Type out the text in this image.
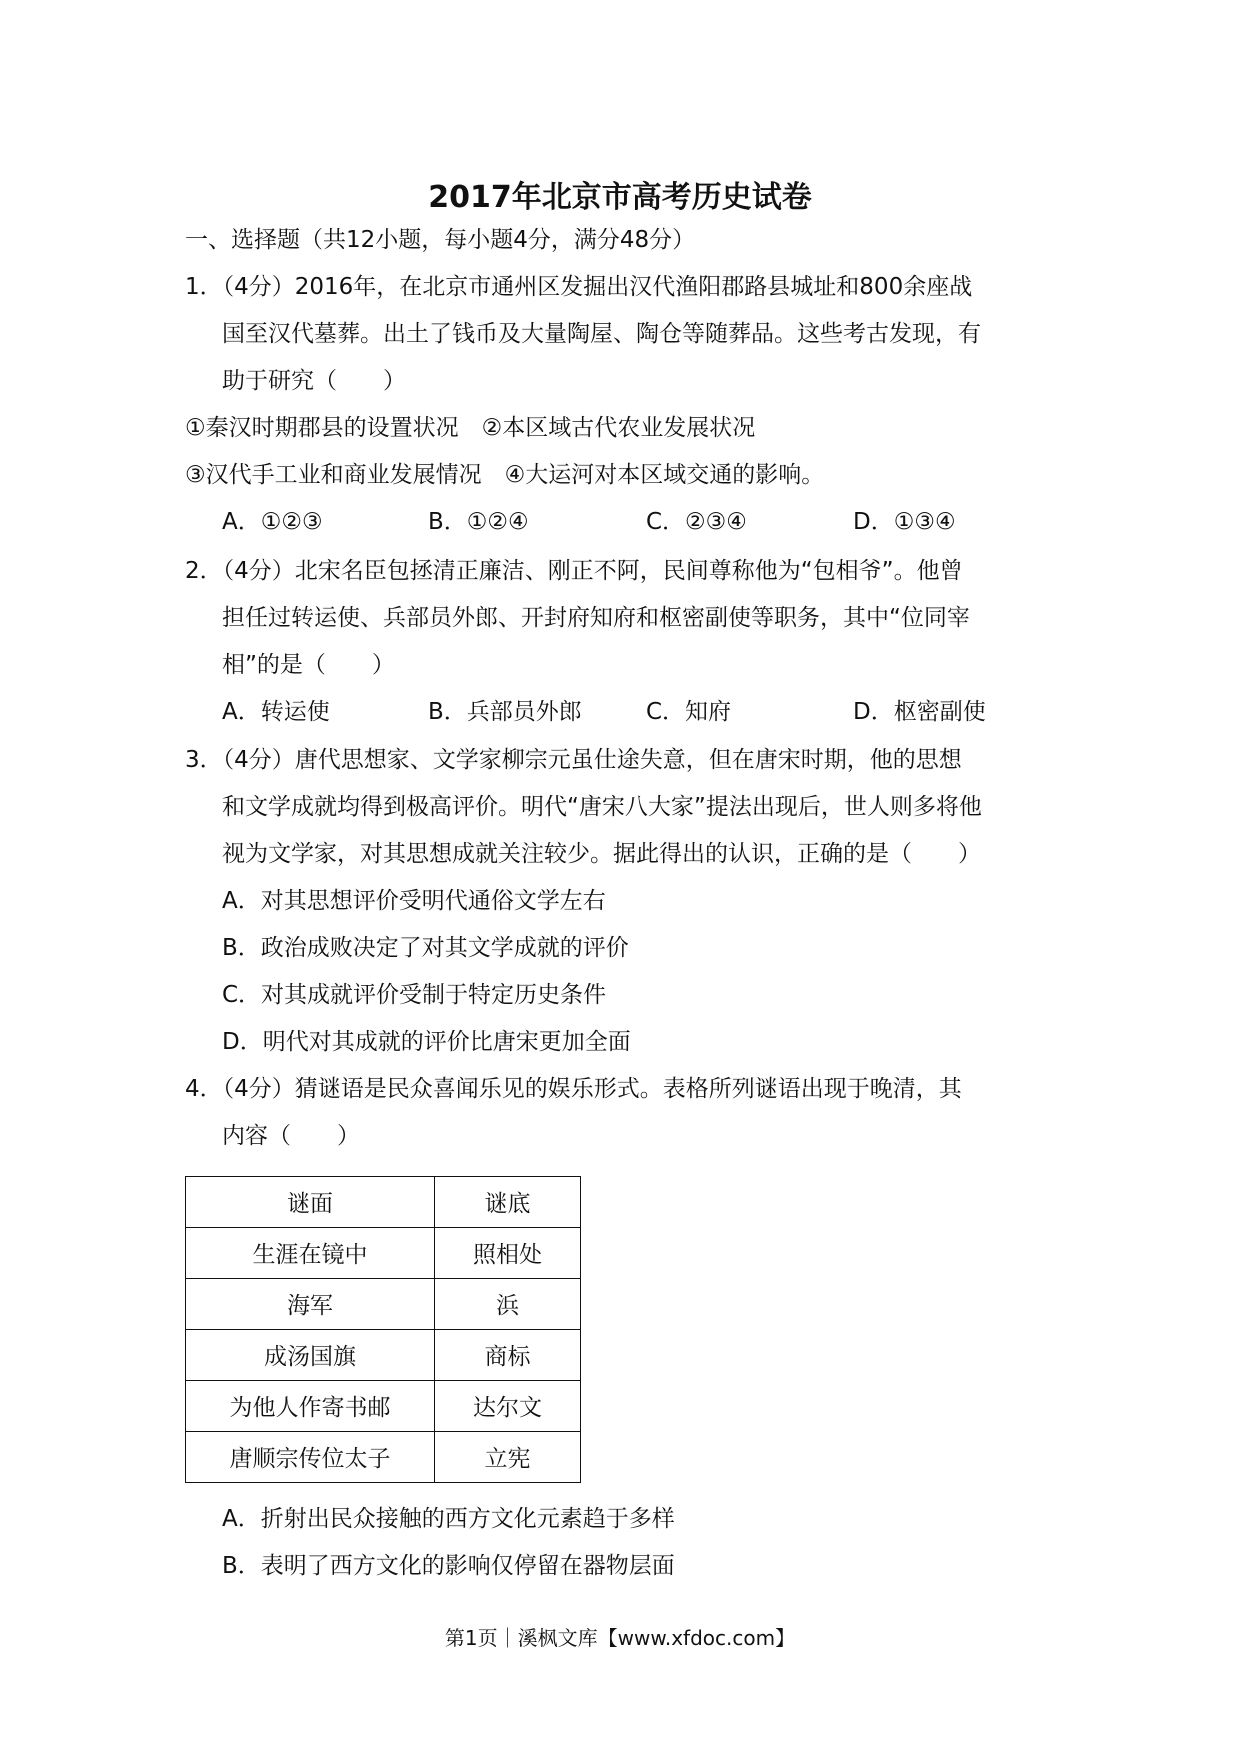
2017年北京市高考历史试卷
一、选择题（共12小题，每小题4分，满分48分）
1．（4分）2016年，在北京市通州区发掘出汉代渔阳郡路县城址和800余座战
国至汉代墓葬。出土了钱币及大量陶屋、陶仓等随葬品。这些考古发现，有
助于研究（　　）
①秦汉时期郡县的设置状况　②本区域古代农业发展状况
③汉代手工业和商业发展情况　④大运河对本区域交通的影响。
A．①②③	B．①②④	C．②③④	D．①③④
2．（4分）北宋名臣包拯清正廉洁、刚正不阿，民间尊称他为“包相爷”。他曾
担任过转运使、兵部员外郎、开封府知府和枢密副使等职务，其中“位同宰
相”的是（　　）
A．转运使	B．兵部员外郎	C．知府	D．枢密副使
3．（4分）唐代思想家、文学家柳宗元虽仕途失意，但在唐宋时期，他的思想
和文学成就均得到极高评价。明代“唐宋八大家”提法出现后，世人则多将他
视为文学家，对其思想成就关注较少。据此得出的认识，正确的是（　　）
A．对其思想评价受明代通俗文学左右
B．政治成败决定了对其文学成就的评价
C．对其成就评价受制于特定历史条件
D．明代对其成就的评价比唐宋更加全面
4．（4分）猜谜语是民众喜闻乐见的娱乐形式。表格所列谜语出现于晚清，其
内容（　　）
谜面	谜底
生涯在镜中	照相处
海军	浜
成汤国旗	商标
为他人作寄书邮	达尔文
唐顺宗传位太子	立宪
A．折射出民众接触的西方文化元素趋于多样
B．表明了西方文化的影响仅停留在器物层面
第1页｜溪枫文库【www.xfdoc.com】
